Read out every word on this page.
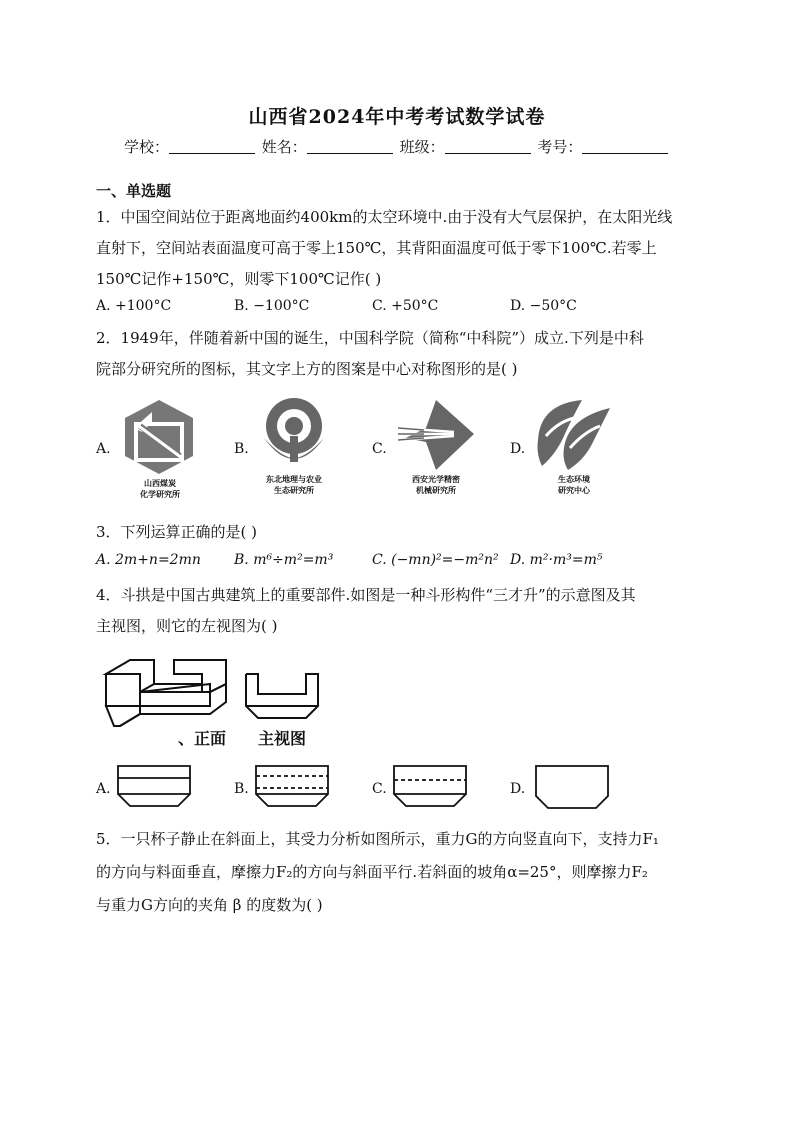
山西省2024年中考考试数学试卷
学校：	姓名：	班级：	考号：
一、单选题
1．中国空间站位于距离地面约400km的太空环境中.由于没有大气层保护，在太阳光线
直射下，空间站表面温度可高于零上150℃，其背阳面温度可低于零下100℃.若零上
150℃记作+150℃，则零下100℃记作( )
A. +100°C	B. −100°C	C. +50°C	D. −50°C
2．1949年，伴随着新中国的诞生，中国科学院（简称“中科院”）成立.下列是中科
院部分研究所的图标，其文字上方的图案是中心对称图形的是( )
A.	B.	C.	D.
山西煤炭
化学研究所
东北地理与农业
生态研究所
西安光学精密
机械研究所
生态环境
研究中心
3．下列运算正确的是( )
A. 2m+n=2mn B. m⁶÷m²=m³	C. (−mn)²=−m²n² D. m²·m³=m⁵
4．斗拱是中国古典建筑上的重要部件.如图是一种斗形构件“三才升”的示意图及其
主视图，则它的左视图为( )
、正面 主视图
A.	B.	C.	D.
5．一只杯子静止在斜面上，其受力分析如图所示，重力G的方向竖直向下，支持力F₁
的方向与料面垂直，摩擦力F₂的方向与斜面平行.若斜面的坡角α=25°，则摩擦力F₂
与重力G方向的夹角 β 的度数为( )
